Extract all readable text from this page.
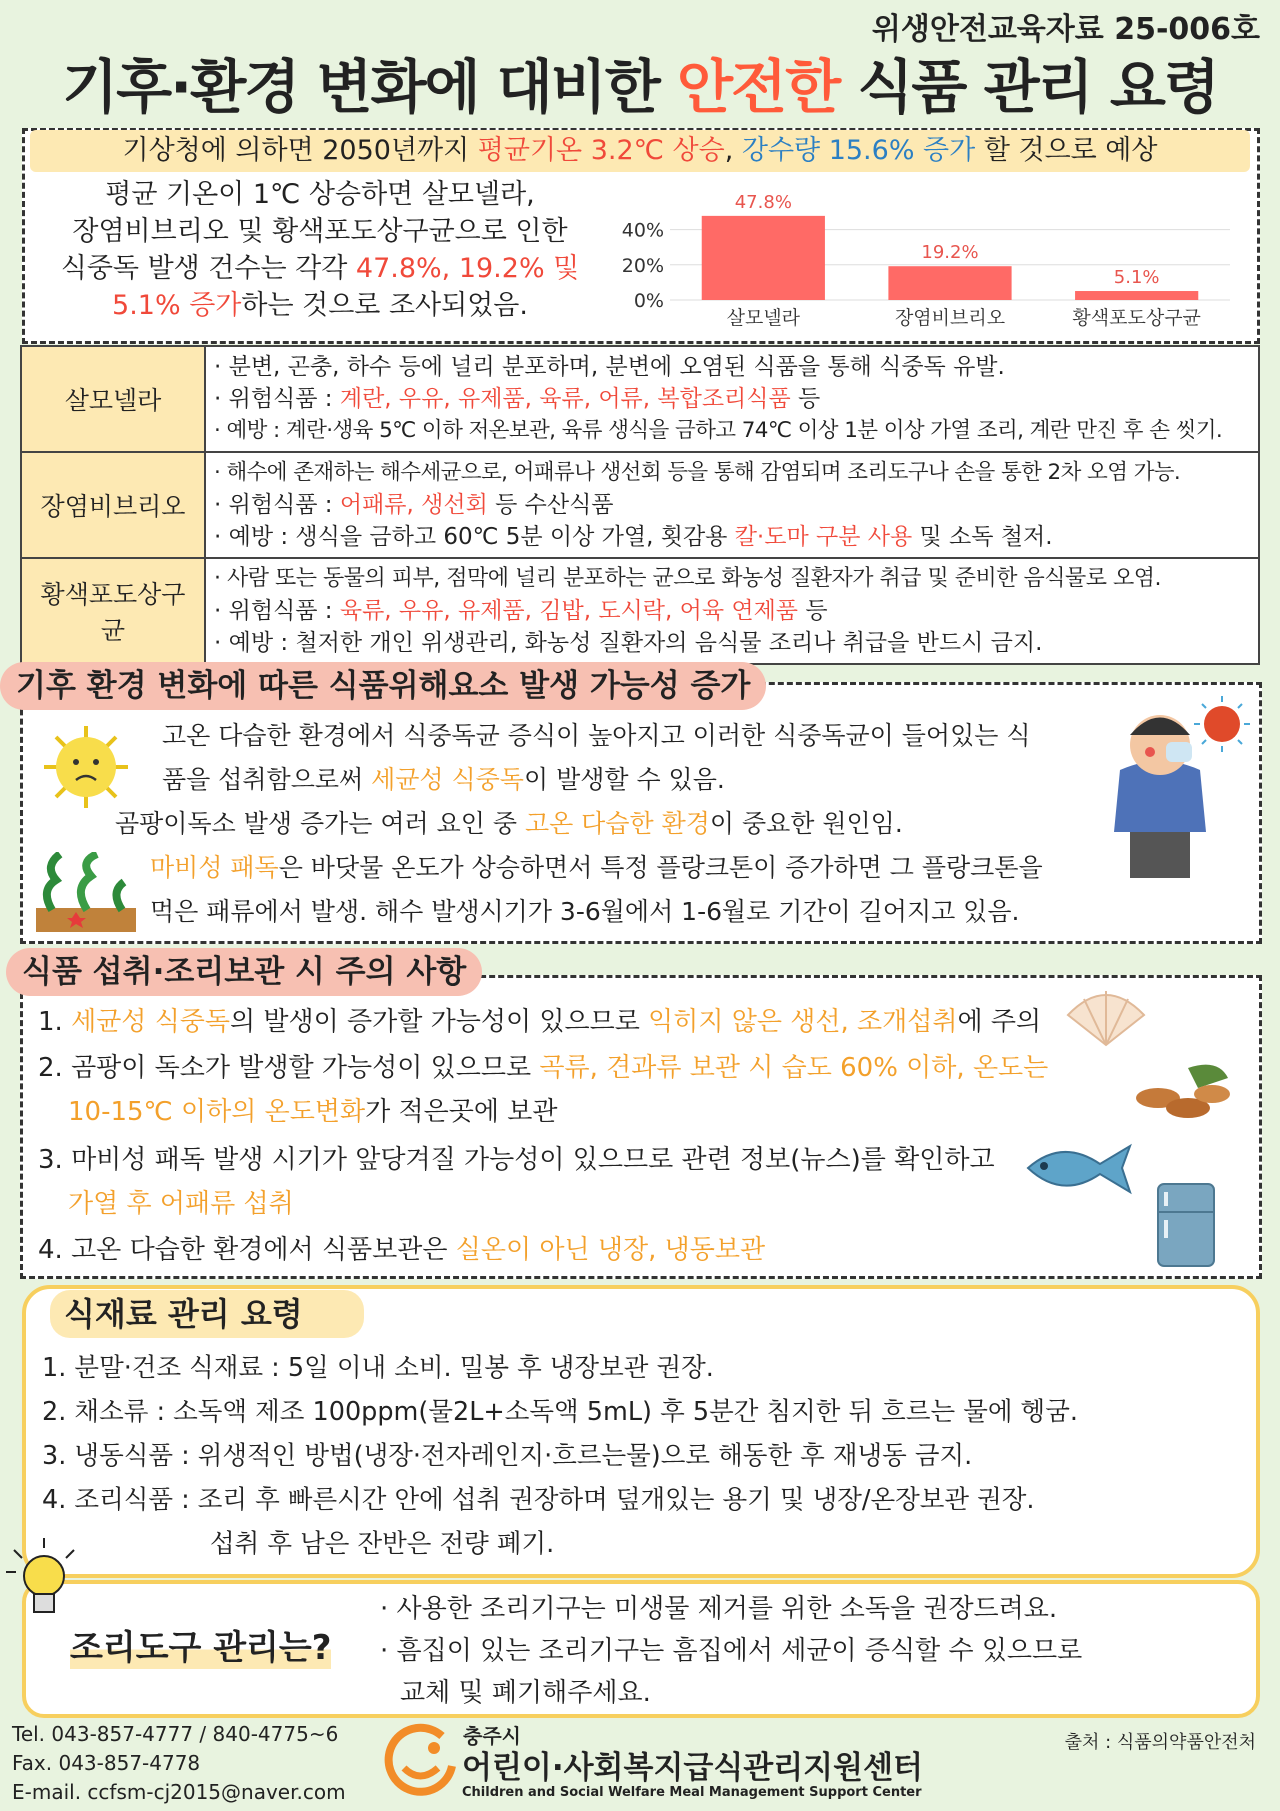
위생안전교육자료 25-006호
기후·환경 변화에 대비한 안전한 식품 관리 요령
기상청에 의하면 2050년까지 평균기온 3.2℃ 상승, 강수량 15.6% 증가 할 것으로 예상
평균 기온이 1℃ 상승하면 살모넬라,
장염비브리오 및 황색포도상구균으로 인한
식중독 발생 건수는 각각 47.8%, 19.2% 및
5.1% 증가하는 것으로 조사되었음.	0%
20%
40%
47.8%
살모넬라
19.2%
장염비브리오
5.1%
황색포도상구균
살모넬라	· 분변, 곤충, 하수 등에 널리 분포하며, 분변에 오염된 식품을 통해 식중독 유발.
· 위험식품 : 계란, 우유, 유제품, 육류, 어류, 복합조리식품 등
· 예방 : 계란·생육 5℃ 이하 저온보관, 육류 생식을 금하고 74℃ 이상 1분 이상 가열 조리, 계란 만진 후 손 씻기.

장염비브리오	· 해수에 존재하는 해수세균으로, 어패류나 생선회 등을 통해 감염되며 조리도구나 손을 통한 2차 오염 가능.
· 위험식품 : 어패류, 생선회 등 수산식품
· 예방 : 생식을 금하고 60℃ 5분 이상 가열, 횟감용 칼·도마 구분 사용 및 소독 철저.

황색포도상구균	· 사람 또는 동물의 피부, 점막에 널리 분포하는 균으로 화농성 질환자가 취급 및 준비한 음식물로 오염.
· 위험식품 : 육류, 우유, 유제품, 김밥, 도시락, 어육 연제품 등
· 예방 : 철저한 개인 위생관리, 화농성 질환자의 음식물 조리나 취급을 반드시 금지.
기후 환경 변화에 따른 식품위해요소 발생 가능성 증가
고온 다습한 환경에서 식중독균 증식이 높아지고 이러한 식중독균이 들어있는 식
품을 섭취함으로써 세균성 식중독이 발생할 수 있음.
곰팡이독소 발생 증가는 여러 요인 중 고온 다습한 환경이 중요한 원인임.
마비성 패독은 바닷물 온도가 상승하면서 특정 플랑크톤이 증가하면 그 플랑크톤을
먹은 패류에서 발생. 해수 발생시기가 3-6월에서 1-6월로 기간이 길어지고 있음.
식품 섭취·조리보관 시 주의 사항
1. 세균성 식중독의 발생이 증가할 가능성이 있으므로 익히지 않은 생선, 조개섭취에 주의
2. 곰팡이 독소가 발생할 가능성이 있으므로 곡류, 견과류 보관 시 습도 60% 이하, 온도는
10-15℃ 이하의 온도변화가 적은곳에 보관
3. 마비성 패독 발생 시기가 앞당겨질 가능성이 있으므로 관련 정보(뉴스)를 확인하고
가열 후 어패류 섭취
4. 고온 다습한 환경에서 식품보관은 실온이 아닌 냉장, 냉동보관
식재료 관리 요령
1. 분말·건조 식재료 : 5일 이내 소비. 밀봉 후 냉장보관 권장.
2. 채소류 : 소독액 제조 100ppm(물2L+소독액 5mL) 후 5분간 침지한 뒤 흐르는 물에 헹굼.
3. 냉동식품 : 위생적인 방법(냉장·전자레인지·흐르는물)으로 해동한 후 재냉동 금지.
4. 조리식품 : 조리 후 빠른시간 안에 섭취 권장하며 덮개있는 용기 및 냉장/온장보관 권장.
섭취 후 남은 잔반은 전량 폐기.
조리도구 관리는?
· 사용한 조리기구는 미생물 제거를 위한 소독을 권장드려요.
· 흠집이 있는 조리기구는 흠집에서 세균이 증식할 수 있으므로
교체 및 폐기해주세요.
Tel. 043-857-4777 / 840-4775~6
Fax. 043-857-4778
E-mail. ccfsm-cj2015@naver.com
충주시
어린이·사회복지급식관리지원센터
Children and Social Welfare Meal Management Support Center
출처 : 식품의약품안전처
